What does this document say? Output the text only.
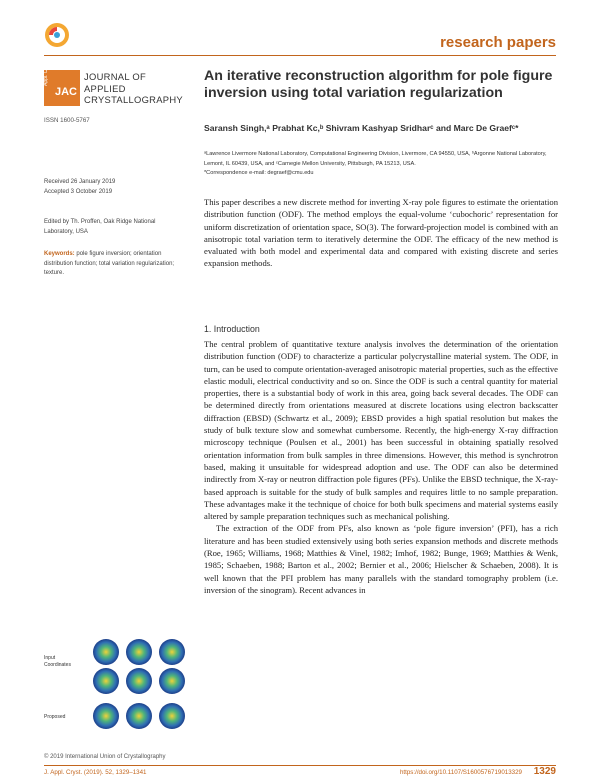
research papers
Appl. Cryst.
JAC
JOURNAL OF
APPLIED
CRYSTALLOGRAPHY
ISSN 1600-5767
An iterative reconstruction algorithm for pole figure inversion using total variation regularization
Saransh Singh,ᵃ Prabhat Kc,ᵇ Shivram Kashyap Sridharᶜ and Marc De Graefᶜ*
ᵃLawrence Livermore National Laboratory, Computational Engineering Division, Livermore, CA 94550, USA, ᵇArgonne National Laboratory, Lemont, IL 60439, USA, and ᶜCarnegie Mellon University, Pittsburgh, PA 15213, USA.
*Correspondence e-mail: degraef@cmu.edu
Received 26 January 2019
Accepted 3 October 2019
Edited by Th. Proffen, Oak Ridge National Laboratory, USA
Keywords: pole figure inversion; orientation distribution function; total variation regularization; texture.
This paper describes a new discrete method for inverting X-ray pole figures to estimate the orientation distribution function (ODF). The method employs the equal-volume ‘cubochoric’ representation for uniform discretization of orientation space, SO(3). The forward-projection model is combined with an anisotropic total variation term to iteratively determine the ODF. The efficacy of the new method is evaluated with both model and experimental data and compared with existing discrete and series expansion methods.
1. Introduction

The central problem of quantitative texture analysis involves the determination of the orientation distribution function (ODF) to characterize a particular polycrystalline material system. The ODF, in turn, can be used to compute orientation-averaged anisotropic material properties, such as the effective elastic moduli, electrical conductivity and so on. Since the ODF is such a central quantity for material properties, there is a substantial body of work in this area, going back several decades. The ODF can be determined directly from orientations measured at discrete locations using electron backscatter diffraction (EBSD) (Schwartz et al., 2009); EBSD provides a high spatial resolution but makes the study of bulk texture slow and somewhat cumbersome. Recently, the high-energy X-ray diffraction microscopy technique (Poulsen et al., 2001) has been successful in obtaining spatially resolved orientation information from bulk samples in three dimensions. However, this method is synchrotron based, making it unsuitable for widespread adoption and use. The ODF can also be determined indirectly from X-ray or neutron diffraction pole figures (PFs). Unlike the EBSD technique, the X-ray-based approach is suitable for the study of bulk samples and requires little to no sample preparation. These advantages make it the technique of choice for both bulk specimens and material systems easily altered by sample preparation techniques such as mechanical polishing.

The extraction of the ODF from PFs, also known as ‘pole figure inversion’ (PFI), has a rich literature and has been studied extensively using both series expansion methods and discrete methods (Roe, 1965; Williams, 1968; Matthies & Vinel, 1982; Imhof, 1982; Bunge, 1969; Matthies & Wenk, 1985; Schaeben, 1988; Barton et al., 2002; Bernier et al., 2006; Hielscher & Schaeben, 2008). It is well known that the PFI problem has many parallels with the standard tomography problem (i.e. inversion of the sinogram). Recent advances in

Input
Coordinates
Proposed
© 2019 International Union of Crystallography
J. Appl. Cryst. (2019). 52, 1329–1341	https://doi.org/10.1107/S1600576719013329 1329
